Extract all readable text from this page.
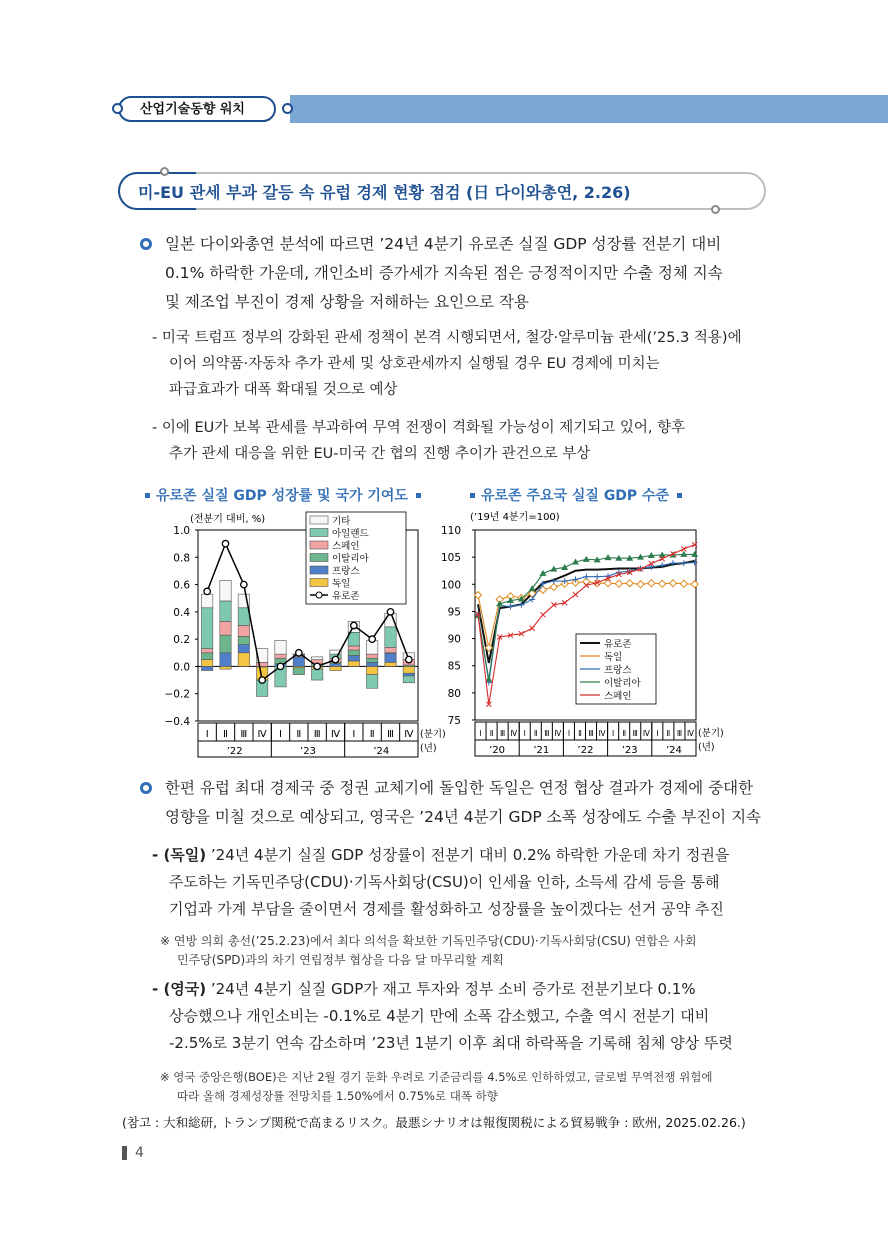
산업기술동향 워치
미-EU 관세 부과 갈등 속 유럽 경제 현황 점검 (日 다이와총연, 2.26)
일본 다이와총연 분석에 따르면 ’24년 4분기 유로존 실질 GDP 성장률 전분기 대비
0.1% 하락한 가운데, 개인소비 증가세가 지속된 점은 긍정적이지만 수출 정체 지속
및 제조업 부진이 경제 상황을 저해하는 요인으로 작용
- 미국 트럼프 정부의 강화된 관세 정책이 본격 시행되면서, 철강·알루미늄 관세(’25.3 적용)에
이어 의약품·자동차 추가 관세 및 상호관세까지 실행될 경우 EU 경제에 미치는
파급효과가 대폭 확대될 것으로 예상
- 이에 EU가 보복 관세를 부과하여 무역 전쟁이 격화될 가능성이 제기되고 있어, 향후
추가 관세 대응을 위한 EU-미국 간 협의 진행 추이가 관건으로 부상
유로존 실질 GDP 성장률 및 국가 기여도	유로존 주요국 실질 GDP 수준
(전분기 대비, %)
1.0
0.8
0.6
0.4
0.2
0.0
−0.2
−0.4
Ⅰ Ⅱ Ⅲ Ⅳ Ⅰ Ⅱ Ⅲ Ⅳ Ⅰ Ⅱ Ⅲ Ⅳ
’22	’23	’24
(분기)
(년)
기타
아일랜드
스페인
이탈리아
프랑스
독일
유로존
(’19년 4분기=100)
110
105
100
95
90
85
80
75
Ⅰ Ⅱ Ⅲ Ⅳ Ⅰ Ⅱ Ⅲ Ⅳ Ⅰ Ⅱ Ⅲ Ⅳ Ⅰ Ⅱ Ⅲ Ⅳ Ⅰ Ⅱ Ⅲ Ⅳ
’20	’21	’22	’23	’24
(분기)
(년)
유로존
독일
프랑스
이탈리아
스페인
한편 유럽 최대 경제국 중 정권 교체기에 돌입한 독일은 연정 협상 결과가 경제에 중대한
영향을 미칠 것으로 예상되고, 영국은 ’24년 4분기 GDP 소폭 성장에도 수출 부진이 지속
- (독일) ’24년 4분기 실질 GDP 성장률이 전분기 대비 0.2% 하락한 가운데 차기 정권을
주도하는 기독민주당(CDU)·기독사회당(CSU)이 인세율 인하, 소득세 감세 등을 통해
기업과 가계 부담을 줄이면서 경제를 활성화하고 성장률을 높이겠다는 선거 공약 추진
※ 연방 의회 총선(’25.2.23)에서 최다 의석을 확보한 기독민주당(CDU)·기독사회당(CSU) 연합은 사회
민주당(SPD)과의 차기 연립정부 협상을 다음 달 마무리할 계획
- (영국) ’24년 4분기 실질 GDP가 재고 투자와 정부 소비 증가로 전분기보다 0.1%
상승했으나 개인소비는 -0.1%로 4분기 만에 소폭 감소했고, 수출 역시 전분기 대비
-2.5%로 3분기 연속 감소하며 ’23년 1분기 이후 최대 하락폭을 기록해 침체 양상 뚜렷
※ 영국 중앙은행(BOE)은 지난 2월 경기 둔화 우려로 기준금리를 4.5%로 인하하였고, 글로벌 무역전쟁 위험에
따라 올해 경제성장률 전망치를 1.50%에서 0.75%로 대폭 하향
(참고 : 大和総研, トランプ関税で高まるリスク。最悪シナリオは報復関税による貿易戦争 : 欧州, 2025.02.26.)
4
